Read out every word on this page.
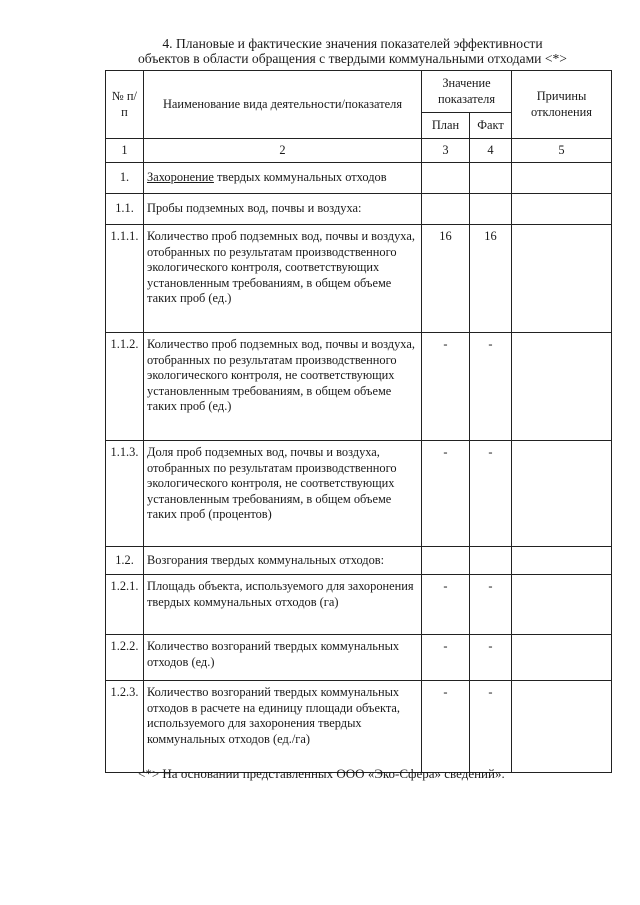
4. Плановые и фактические значения показателей эффективности
объектов в области обращения с твердыми коммунальными отходами <*>
№ п/п	Наименование вида деятельности/показателя	Значение показателя		Причины отклонения
		План	Факт	
1	2	3	4	5
1.	Захоронение твердых коммунальных отходов			
1.1.	Пробы подземных вод, почвы и воздуха:			
1.1.1.	Количество проб подземных вод, почвы и воздуха, отобранных по результатам производственного экологического контроля, соответствующих установленным требованиям, в общем объеме таких проб (ед.)	16	16	
1.1.2.	Количество проб подземных вод, почвы и воздуха, отобранных по результатам производственного экологического контроля, не соответствующих установленным требованиям, в общем объеме таких проб (ед.)	-	-	
1.1.3.	Доля проб подземных вод, почвы и воздуха, отобранных по результатам производственного экологического контроля, не соответствующих установленным требованиям, в общем объеме таких проб (процентов)	-	-	
1.2.	Возгорания твердых коммунальных отходов:			
1.2.1.	Площадь объекта, используемого для захоронения твердых коммунальных отходов (га)	-	-	
1.2.2.	Количество возгораний твердых коммунальных отходов (ед.)	-	-	
1.2.3.	Количество возгораний твердых коммунальных отходов в расчете на единицу площади объекта, используемого для захоронения твердых коммунальных отходов (ед./га)	-	-	
<*> На основании представленных ООО «Эко-Сфера» сведений».
